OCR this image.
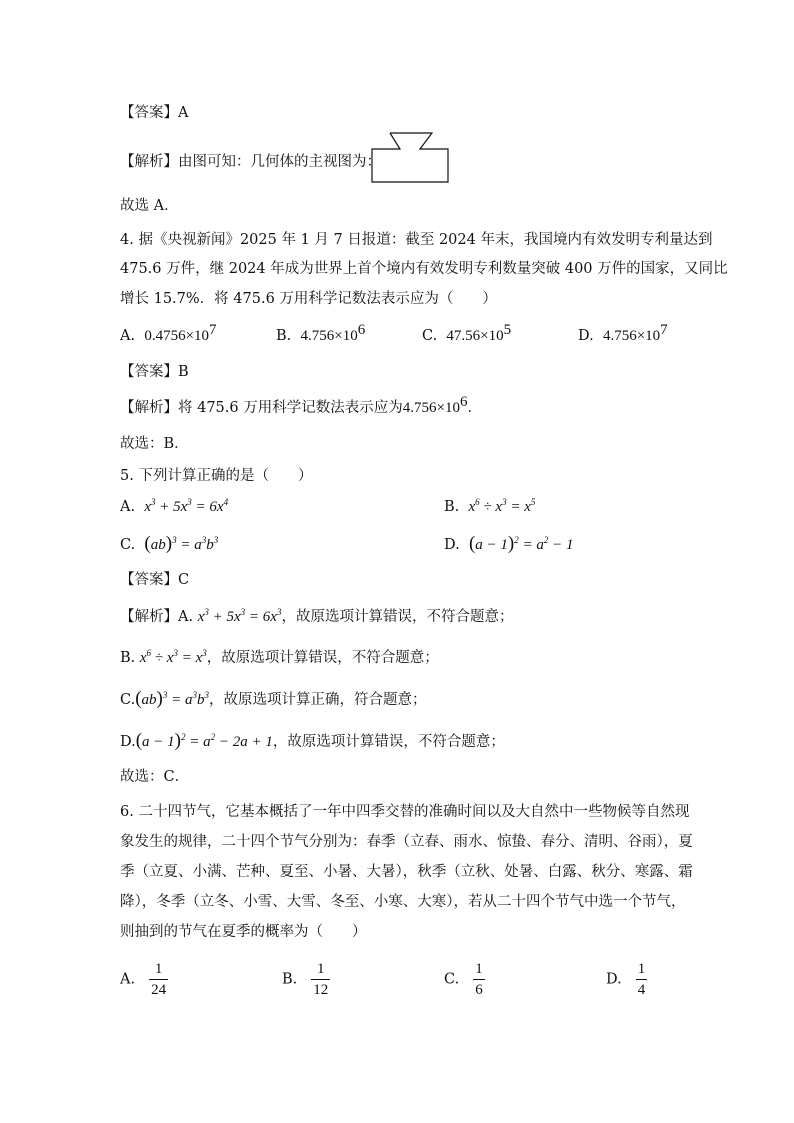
【答案】A
【解析】由图可知：几何体的主视图为：
故选 A．
4. 据《央视新闻》2025 年 1 月 7 日报道：截至 2024 年末，我国境内有效发明专利量达到
475.6 万件，继 2024 年成为世界上首个境内有效发明专利数量突破 400 万件的国家，又同比
增长 15.7%．将 475.6 万用科学记数法表示应为（　　）
A. $0.4756\times 10^7$	B. $4.756\times 10^6$	C. $47.56\times 10^5$	D. $4.756\times 10^7$
【答案】B
【解析】将 475.6 万用科学记数法表示应为$4.756\times 10^6$．
故选：B．
5. 下列计算正确的是（　　）
A. $x^3 + 5x^3 = 6x^4$	B. $x^6 \div x^3 = x^5$
C. $(ab)^3 = a^3b^3$	D. $(a - 1)^2 = a^2 - 1$
【答案】C
【解析】A. $x^3 + 5x^3 = 6x^3$，故原选项计算错误，不符合题意；
B. $x^6 \div x^3 = x^3$，故原选项计算错误，不符合题意；
$C.(ab)^3 = a^3b^3$，故原选项计算正确，符合题意；
$D.(a - 1)^2 = a^2 - 2a + 1$，故原选项计算错误，不符合题意；
故选：C．
6. 二十四节气，它基本概括了一年中四季交替的准确时间以及大自然中一些物候等自然现
象发生的规律，二十四个节气分别为：春季（立春、雨水、惊蛰、春分、清明、谷雨），夏
季（立夏、小满、芒种、夏至、小暑、大暑），秋季（立秋、处暑、白露、秋分、寒露、霜
降），冬季（立冬、小雪、大雪、冬至、小寒、大寒），若从二十四个节气中选一个节气，
则抽到的节气在夏季的概率为（　　）
A. $\frac{1}{24}$	B. $\frac{1}{12}$	C. $\frac{1}{6}$	D. $\frac{1}{4}$
